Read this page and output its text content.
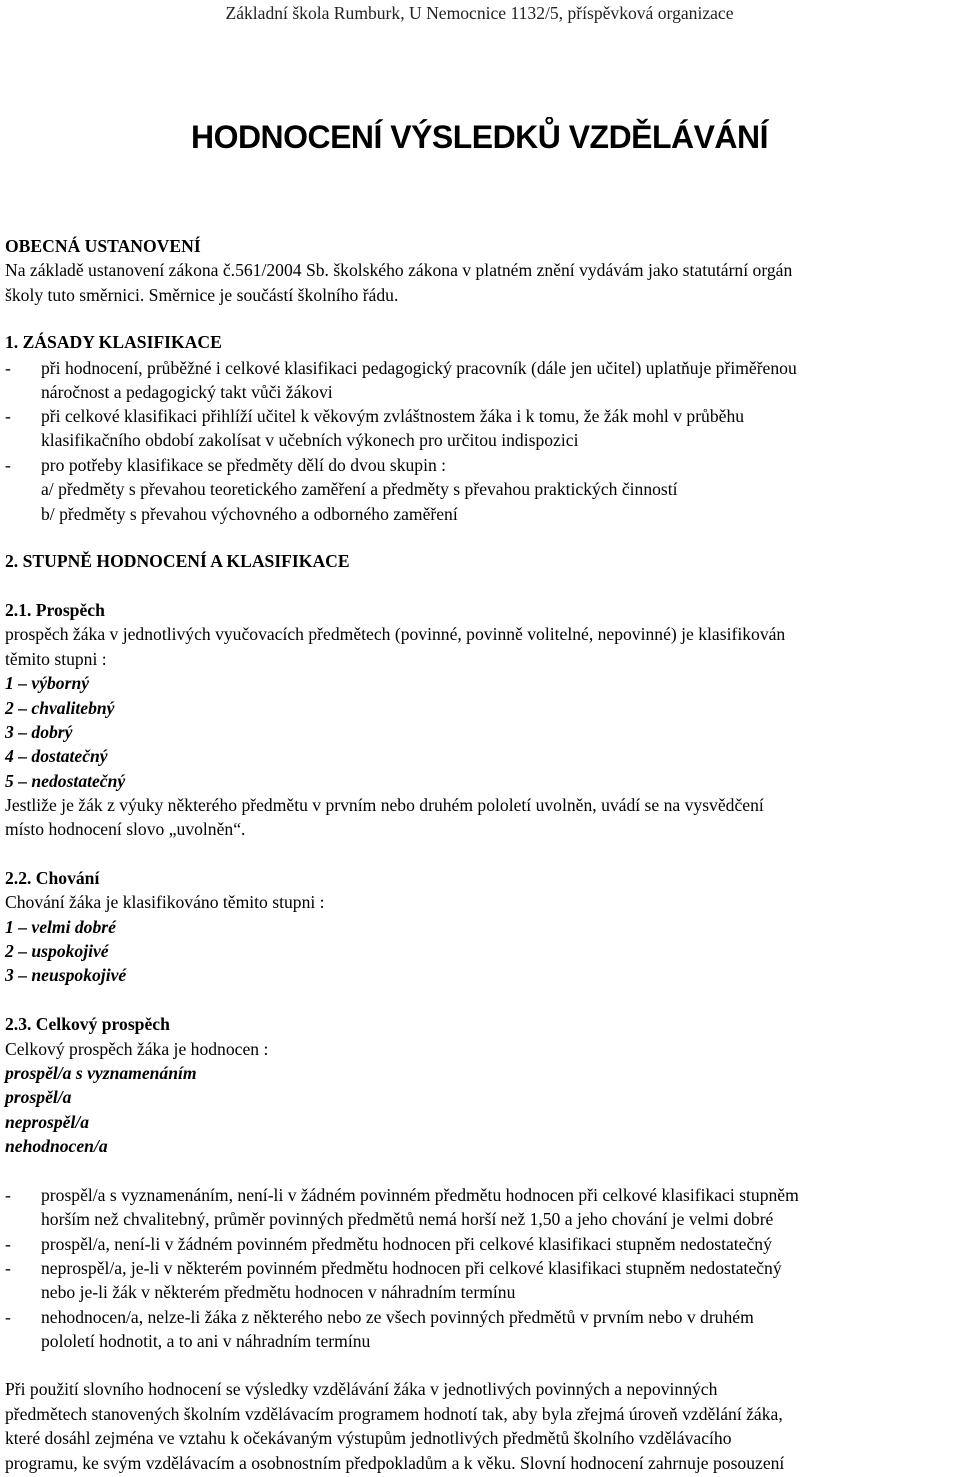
Základní škola Rumburk, U Nemocnice 1132/5, příspěvková organizace
HODNOCENÍ VÝSLEDKŮ VZDĚLÁVÁNÍ
OBECNÁ USTANOVENÍ
Na základě ustanovení zákona č.561/2004 Sb. školského zákona v platném znění vydávám jako statutární orgán
školy tuto směrnici. Směrnice je součástí školního řádu.
1. ZÁSADY KLASIFIKACE
- při hodnocení, průběžné i celkové klasifikaci pedagogický pracovník (dále jen učitel) uplatňuje přiměřenou
náročnost a pedagogický takt vůči žákovi
- při celkové klasifikaci přihlíží učitel k věkovým zvláštnostem žáka i k tomu, že žák mohl v průběhu
klasifikačního období zakolísat v učebních výkonech pro určitou indispozici
- pro potřeby klasifikace se předměty dělí do dvou skupin :
a/ předměty s převahou teoretického zaměření a předměty s převahou praktických činností
b/ předměty s převahou výchovného a odborného zaměření
2. STUPNĚ HODNOCENÍ A KLASIFIKACE
2.1. Prospěch
prospěch žáka v jednotlivých vyučovacích předmětech (povinné, povinně volitelné, nepovinné) je klasifikován
těmito stupni :
1 – výborný
2 – chvalitebný
3 – dobrý
4 – dostatečný
5 – nedostatečný
Jestliže je žák z výuky některého předmětu v prvním nebo druhém pololetí uvolněn, uvádí se na vysvědčení
místo hodnocení slovo „uvolněn“.
2.2. Chování
Chování žáka je klasifikováno těmito stupni :
1 – velmi dobré
2 – uspokojivé
3 – neuspokojivé
2.3. Celkový prospěch
Celkový prospěch žáka je hodnocen :
prospěl/a s vyznamenáním
prospěl/a
neprospěl/a
nehodnocen/a
- prospěl/a s vyznamenáním, není-li v žádném povinném předmětu hodnocen při celkové klasifikaci stupněm
horším než chvalitebný, průměr povinných předmětů nemá horší než 1,50 a jeho chování je velmi dobré
- prospěl/a, není-li v žádném povinném předmětu hodnocen při celkové klasifikaci stupněm nedostatečný
- neprospěl/a, je-li v některém povinném předmětu hodnocen při celkové klasifikaci stupněm nedostatečný
nebo je-li žák v některém předmětu hodnocen v náhradním termínu
- nehodnocen/a, nelze-li žáka z některého nebo ze všech povinných předmětů v prvním nebo v druhém
pololetí hodnotit, a to ani v náhradním termínu
Při použití slovního hodnocení se výsledky vzdělávání žáka v jednotlivých povinných a nepovinných
předmětech stanovených školním vzdělávacím programem hodnotí tak, aby byla zřejmá úroveň vzdělání žáka,
které dosáhl zejména ve vztahu k očekávaným výstupům jednotlivých předmětů školního vzdělávacího
programu, ke svým vzdělávacím a osobnostním předpokladům a k věku. Slovní hodnocení zahrnuje posouzení
